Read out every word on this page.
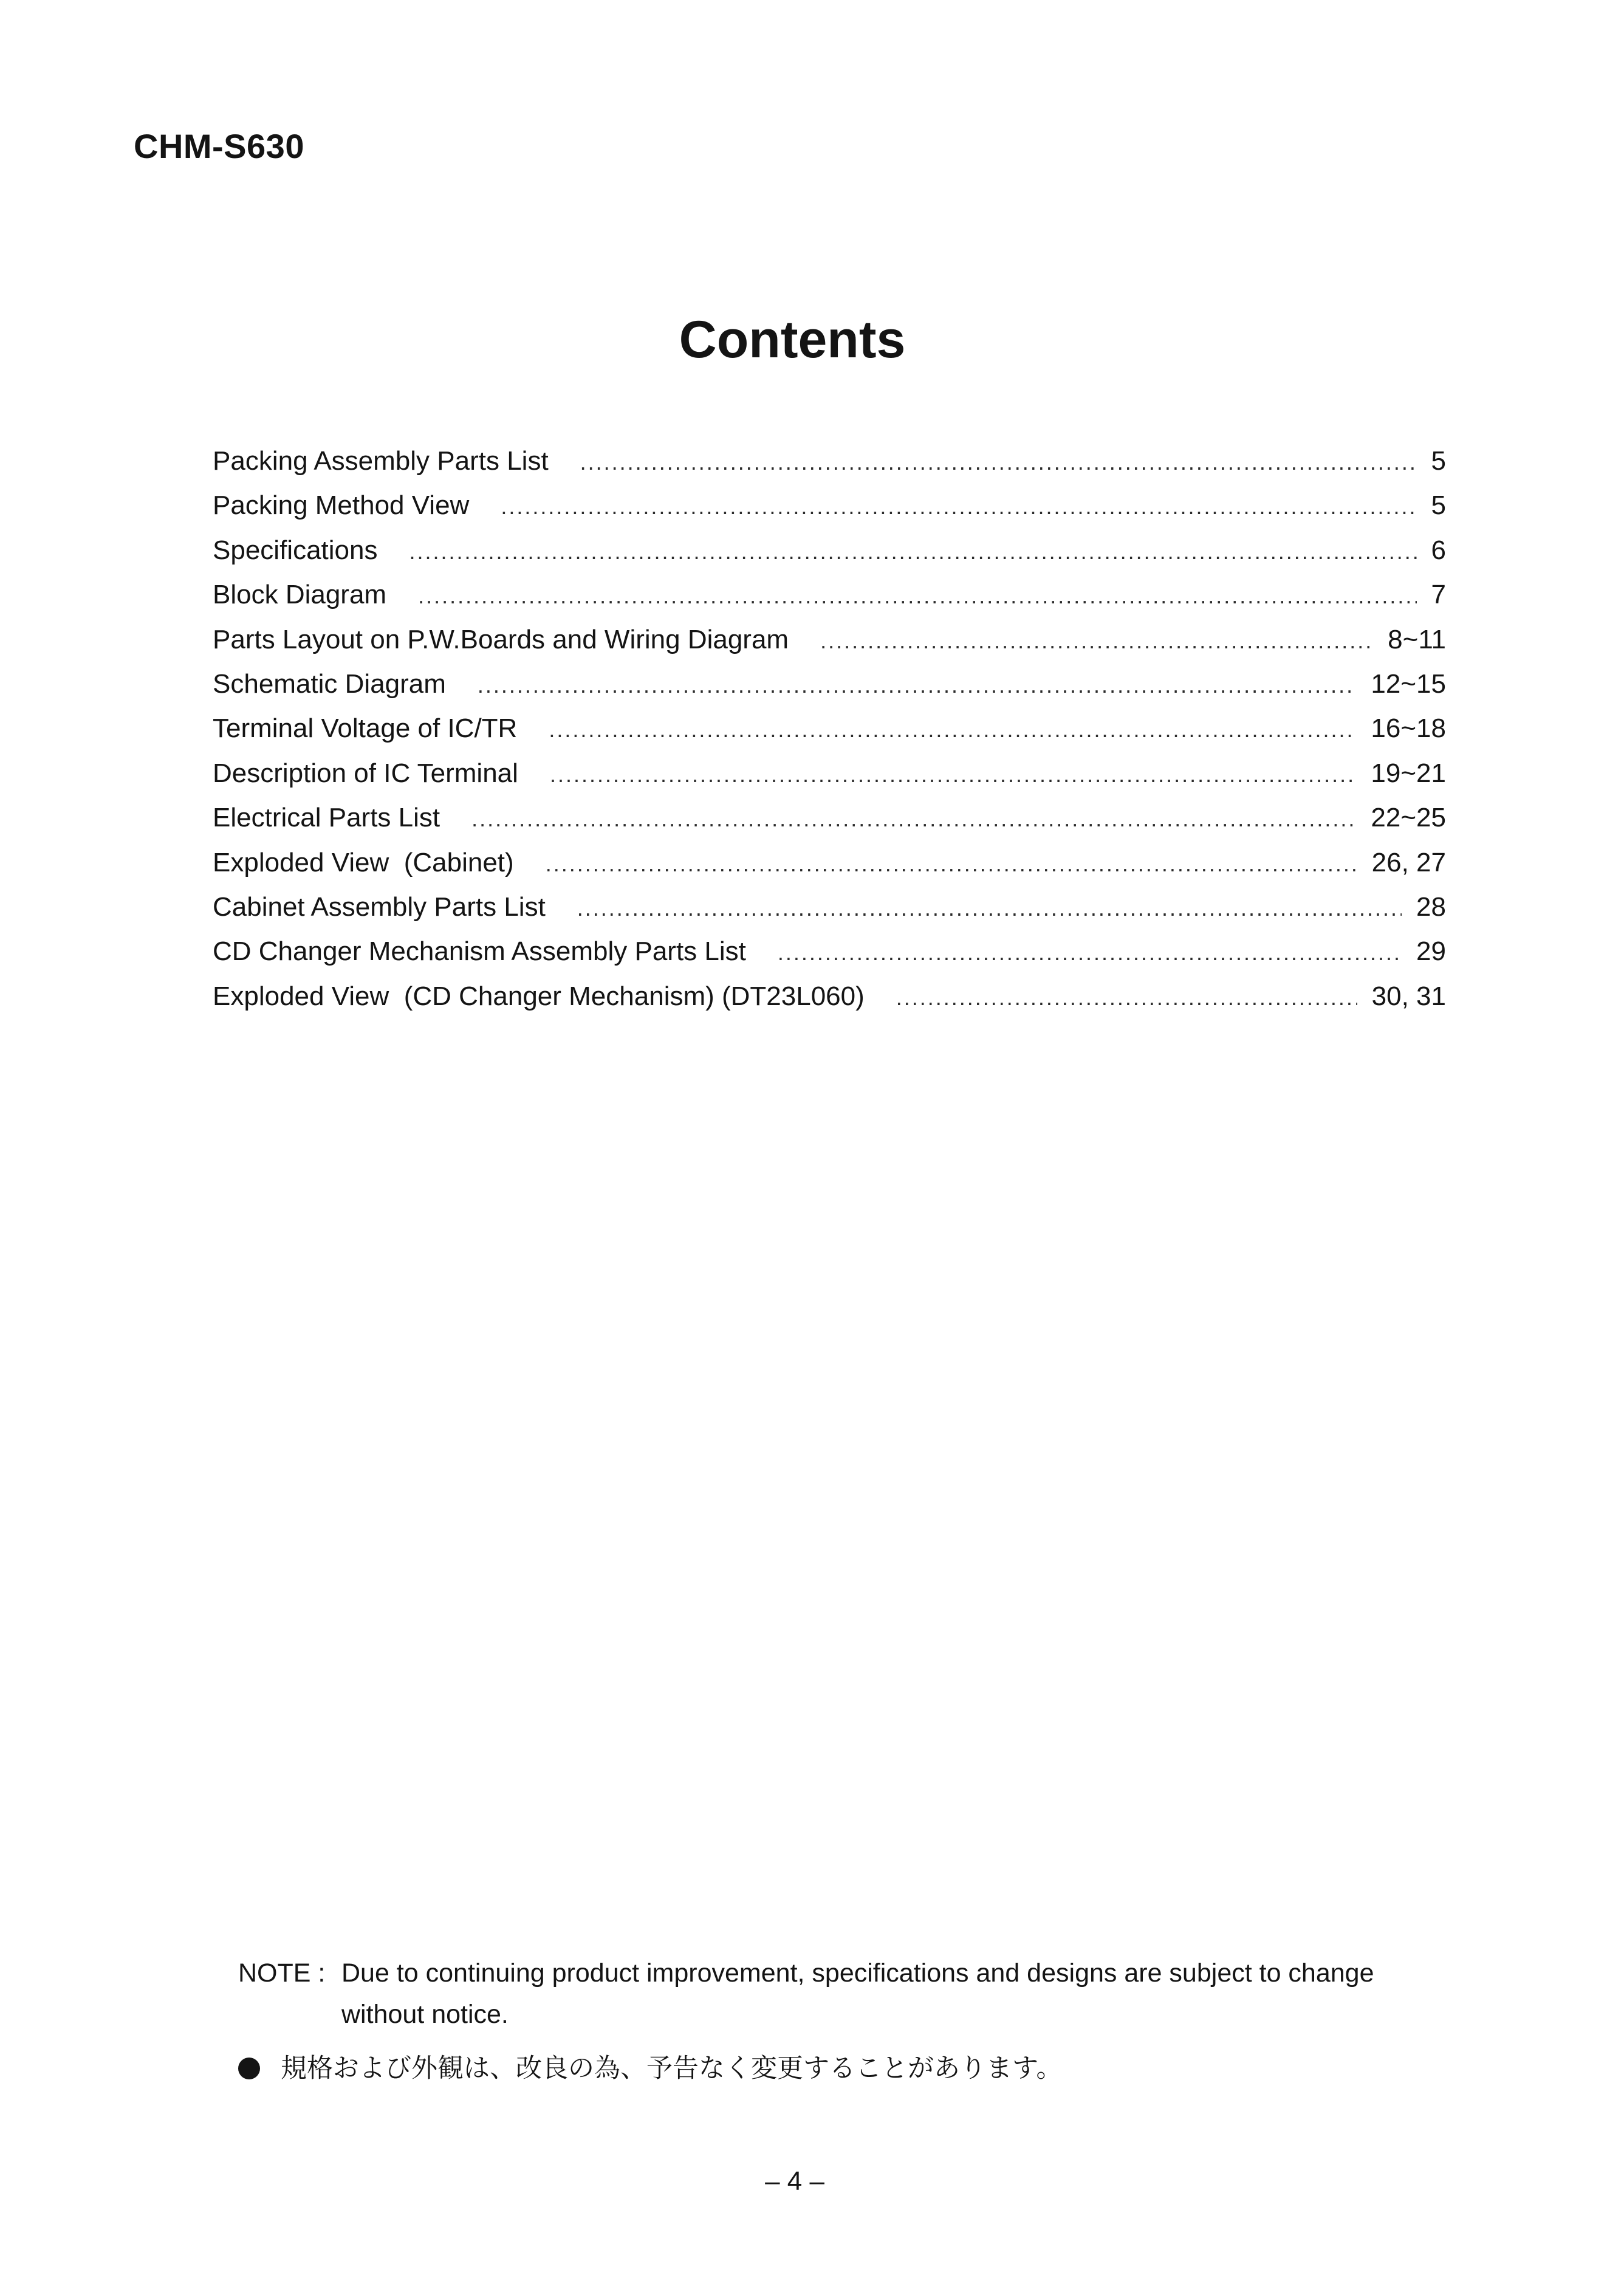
CHM-S630
Contents
Packing Assembly Parts List .....	5
Packing Method View .....	5
Specifications .....	6
Block Diagram .....	7
Parts Layout on P.W.Boards and Wiring Diagram .....	8~11
Schematic Diagram .....	12~15
Terminal Voltage of IC/TR .....	16~18
Description of IC Terminal .....	19~21
Electrical Parts List .....	22~25
Exploded View  (Cabinet) .....	26, 27
Cabinet Assembly Parts List .....	28
CD Changer Mechanism Assembly Parts List .....	29
Exploded View  (CD Changer Mechanism) (DT23L060) .....	30, 31
NOTE : Due to continuing product improvement, specifications and designs are subject to change without notice.
規格および外観は、改良の為、予告なく変更することがあります。
– 4 –
